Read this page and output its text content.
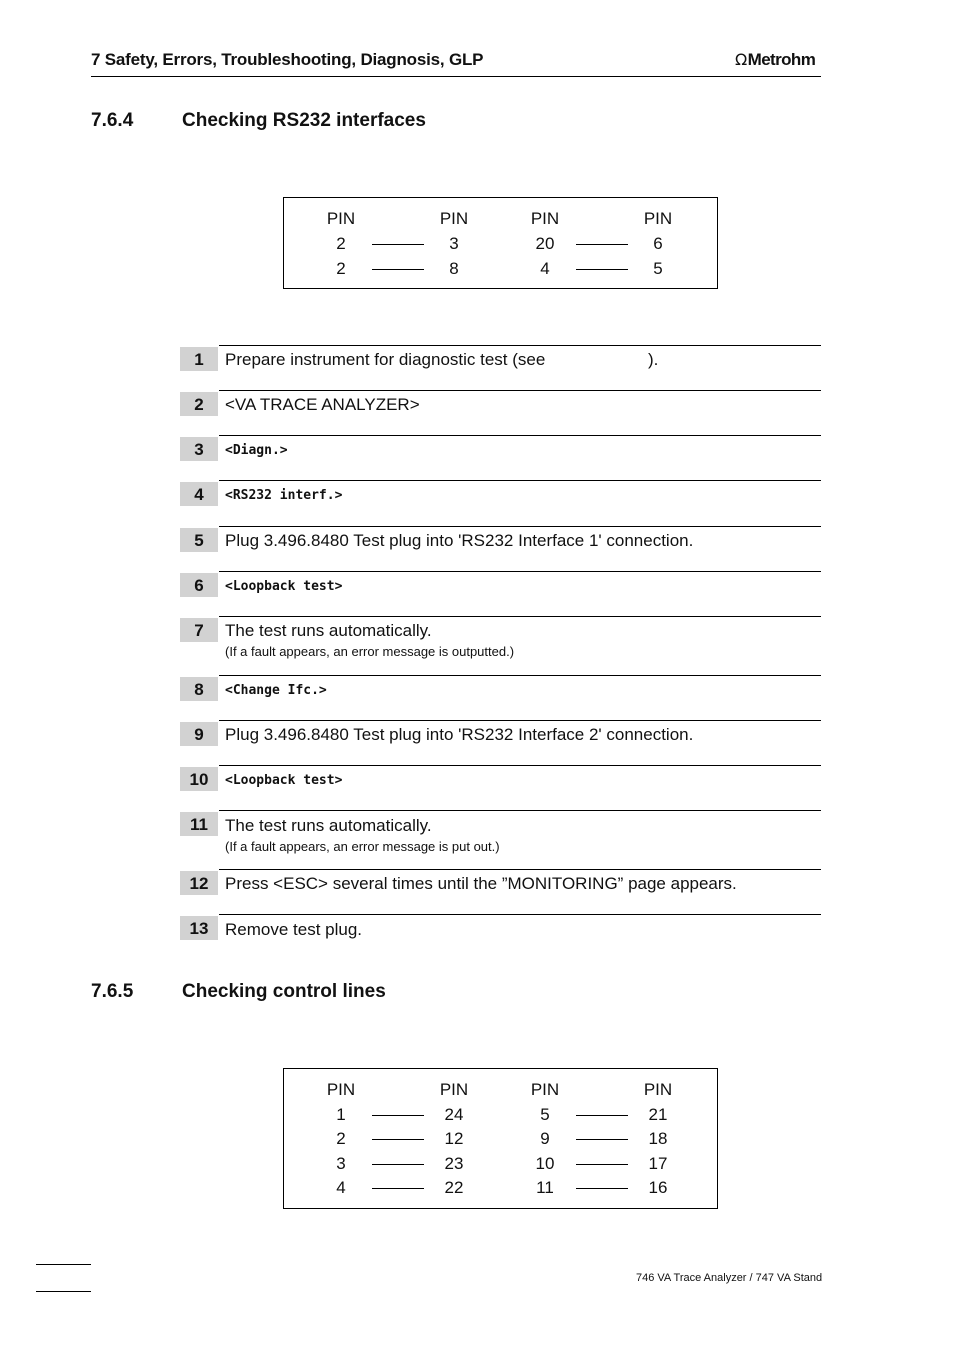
7 Safety, Errors, Troubleshooting, Diagnosis, GLP	ΩMetrohm
7.6.4	Checking RS232 interfaces
PIN	PIN	PIN	PIN
2	3	20	6
2	8	4	5
1	Prepare instrument for diagnostic test (see	).
2	<VA TRACE ANALYZER>
3	<Diagn.>
4	<RS232 interf.>
5	Plug 3.496.8480 Test plug into 'RS232 Interface 1' connection.
6	<Loopback test>
7	The test runs automatically.
(If a fault appears, an error message is outputted.)
8	<Change Ifc.>
9	Plug 3.496.8480 Test plug into 'RS232 Interface 2' connection.
10	<Loopback test>
11	The test runs automatically.
(If a fault appears, an error message is put out.)
12 Press <ESC> several times until the ”MONITORING” page appears.
13 Remove test plug.
7.6.5	Checking control lines
PIN	PIN	PIN	PIN
1	24	5	21
2	12	9	18
3	23	10	17
4	22	11	16
746 VA Trace Analyzer / 747 VA Stand
